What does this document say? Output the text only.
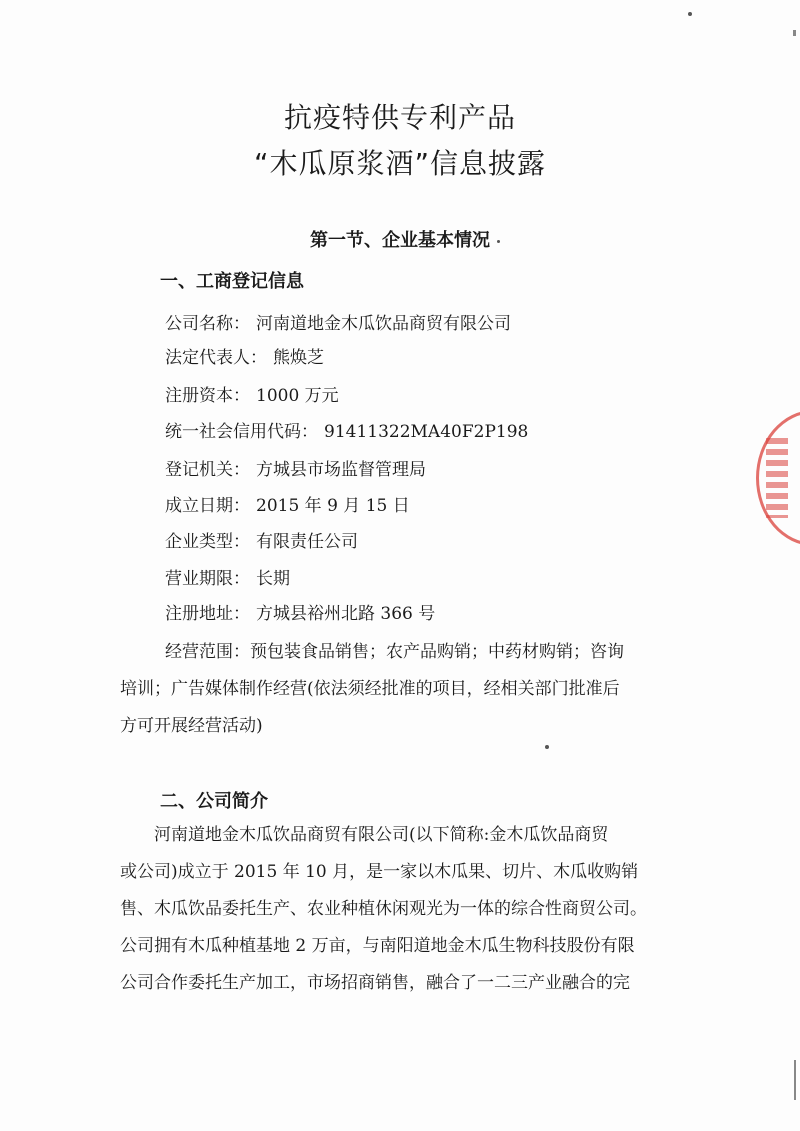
抗疫特供专利产品
“木瓜原浆酒”信息披露
第一节、企业基本情况
一、工商登记信息
公司名称： 河南道地金木瓜饮品商贸有限公司
法定代表人： 熊焕芝
注册资本： 1000 万元
统一社会信用代码： 91411322MA40F2P198
登记机关： 方城县市场监督管理局
成立日期： 2015 年 9 月 15 日
企业类型： 有限责任公司
营业期限： 长期
注册地址： 方城县裕州北路 366 号
经营范围：预包装食品销售；农产品购销；中药材购销；咨询
培训；广告媒体制作经营(依法须经批准的项目，经相关部门批准后
方可开展经营活动)
二、公司简介
河南道地金木瓜饮品商贸有限公司(以下简称:金木瓜饮品商贸
或公司)成立于 2015 年 10 月，是一家以木瓜果、切片、木瓜收购销
售、木瓜饮品委托生产、农业种植休闲观光为一体的综合性商贸公司。
公司拥有木瓜种植基地 2 万亩，与南阳道地金木瓜生物科技股份有限
公司合作委托生产加工，市场招商销售，融合了一二三产业融合的完
